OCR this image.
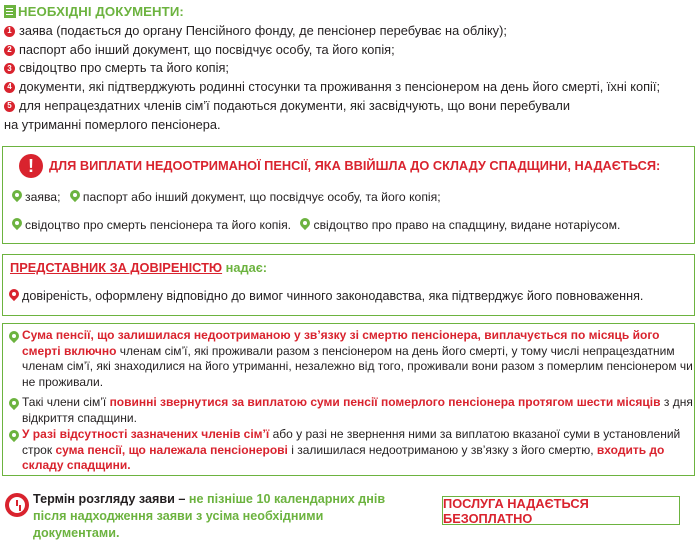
НЕОБХІДНІ ДОКУМЕНТИ:
1 заява (подається до органу Пенсійного фонду, де пенсіонер перебуває на обліку);
2 паспорт або інший документ, що посвідчує особу, та його копія;
3 свідоцтво про смерть та його копія;
4 документи, які підтверджують родинні стосунки та проживання з пенсіонером на день його смерті, їхні копії;
5 для непрацездатних членів сім’ї подаються документи, які засвідчують, що вони перебували
на утриманні померлого пенсіонера.
!	ДЛЯ ВИПЛАТИ НЕДООТРИМАНОЇ ПЕНСІЇ, ЯКА ВВІЙШЛА ДО СКЛАДУ СПАДЩИНИ, НАДАЄТЬСЯ:
заява; паспорт або інший документ, що посвідчує особу, та його копія;
свідоцтво про смерть пенсіонера та його копія. свідоцтво про право на спадщину, видане нотаріусом.
ПРЕДСТАВНИК ЗА ДОВІРЕНІСТЮ надає:
довіреність, оформлену відповідно до вимог чинного законодавства, яка підтверджує його повноваження.
Сума пенсії, що залишилася недоотриманою у зв’язку зі смертю пенсіонера, виплачується по місяць його смерті включно членам сім’ї, які проживали разом з пенсіонером на день його смерті, у тому числі непрацездатним членам сім’ї, які знаходилися на його утриманні, незалежно від того, проживали вони разом з померлим пенсіонером чи не проживали.
Такі члени сім’ї повинні звернутися за виплатою суми пенсії померлого пенсіонера протягом шести місяців з дня відкриття спадщини.
У разі відсутності зазначених членів сім’ї або у разі не звернення ними за виплатою вказаної суми в установлений строк сума пенсії, що належала пенсіонерові і залишилася недоотриманою у зв’язку з його смертю, входить до складу спадщини.
Термін розгляду заяви – не пізніше 10 календарних днів після надходження заяви з усіма необхідними документами.
ПОСЛУГА НАДАЄТЬСЯ БЕЗОПЛАТНО
